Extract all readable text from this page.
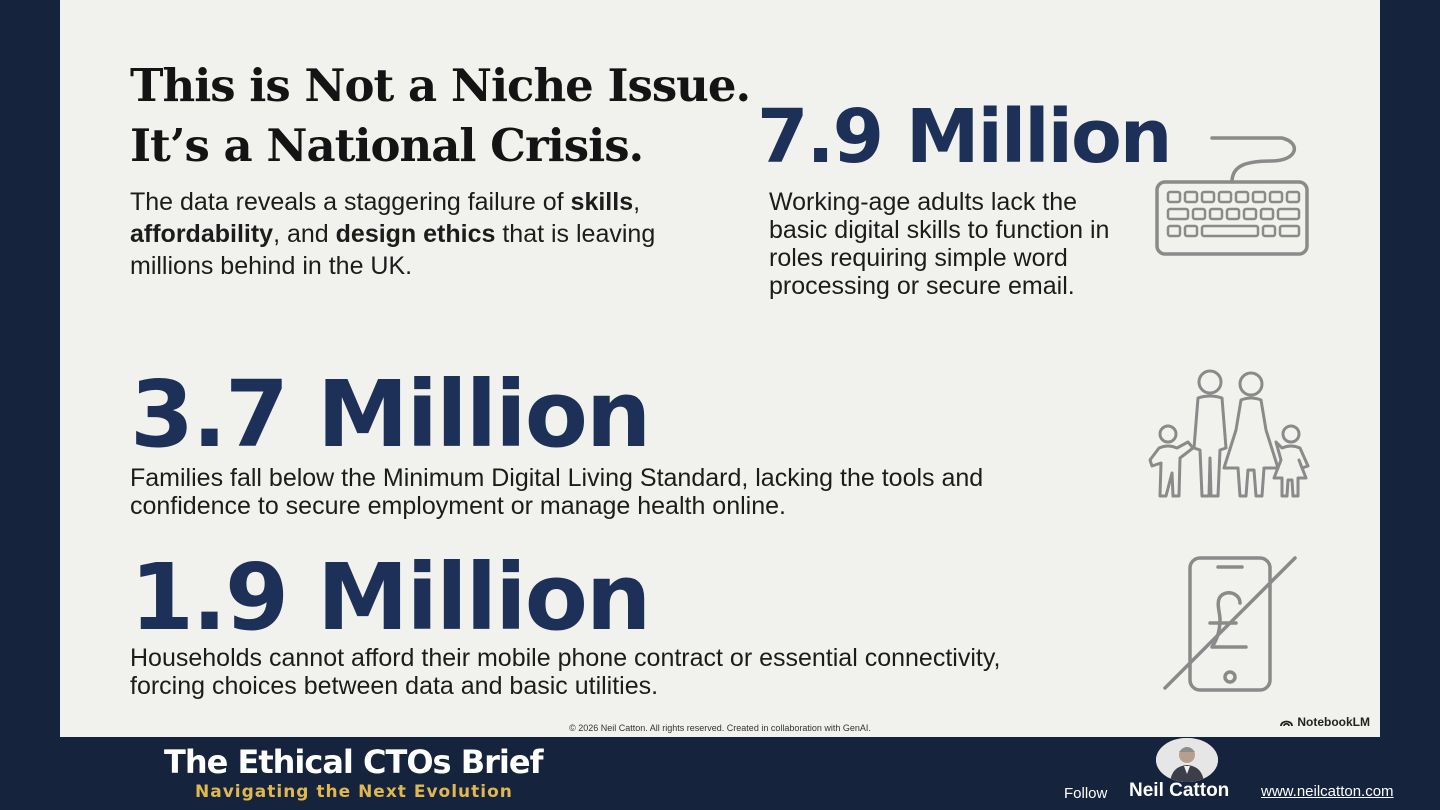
This is Not a Niche Issue.
It’s a National Crisis.
The data reveals a staggering failure of skills, affordability, and design ethics that is leaving millions behind in the UK.
7.9 Million
Working-age adults lack the basic digital skills to function in roles requiring simple word processing or secure email.
3.7 Million
Families fall below the Minimum Digital Living Standard, lacking the tools and confidence to secure employment or manage health online.
1.9 Million
Households cannot afford their mobile phone contract or essential connectivity, forcing choices between data and basic utilities.
© 2026 Neil Catton. All rights reserved. Created in collaboration with GenAI.	NotebookLM
The Ethical CTOs Brief
Navigating the Next Evolution	Follow Neil Catton www.neilcatton.com
